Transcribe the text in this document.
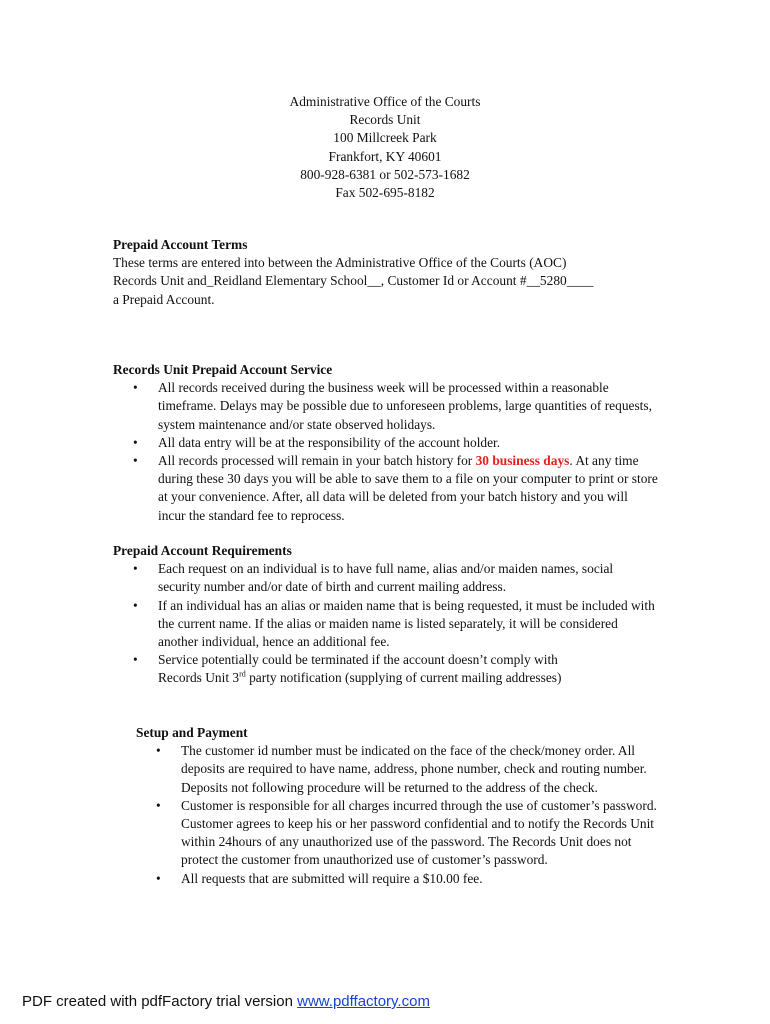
Administrative Office of the Courts
Records Unit
100 Millcreek Park
Frankfort, KY 40601
800-928-6381 or 502-573-1682
Fax 502-695-8182
Prepaid Account Terms
These terms are entered into between the Administrative Office of the Courts (AOC)
Records Unit and_Reidland Elementary School__, Customer Id or Account #__5280____
a Prepaid Account.
Records Unit Prepaid Account Service
• All records received during the business week will be processed within a reasonable timeframe. Delays may be possible due to unforeseen problems, large quantities of requests, system maintenance and/or state observed holidays.
• All data entry will be at the responsibility of the account holder.
• All records processed will remain in your batch history for 30 business days. At any time during these 30 days you will be able to save them to a file on your computer to print or store at your convenience. After, all data will be deleted from your batch history and you will incur the standard fee to reprocess.
Prepaid Account Requirements
• Each request on an individual is to have full name, alias and/or maiden names, social security number and/or date of birth and current mailing address.
• If an individual has an alias or maiden name that is being requested, it must be included with the current name. If the alias or maiden name is listed separately, it will be considered another individual, hence an additional fee.
• Service potentially could be terminated if the account doesn’t comply with
Records Unit 3rd party notification (supplying of current mailing addresses)
Setup and Payment
• The customer id number must be indicated on the face of the check/money order. All deposits are required to have name, address, phone number, check and routing number. Deposits not following procedure will be returned to the address of the check.
• Customer is responsible for all charges incurred through the use of customer’s password. Customer agrees to keep his or her password confidential and to notify the Records Unit within 24hours of any unauthorized use of the password. The Records Unit does not protect the customer from unauthorized use of customer’s password.
• All requests that are submitted will require a $10.00 fee.
PDF created with pdfFactory trial version www.pdffactory.com
